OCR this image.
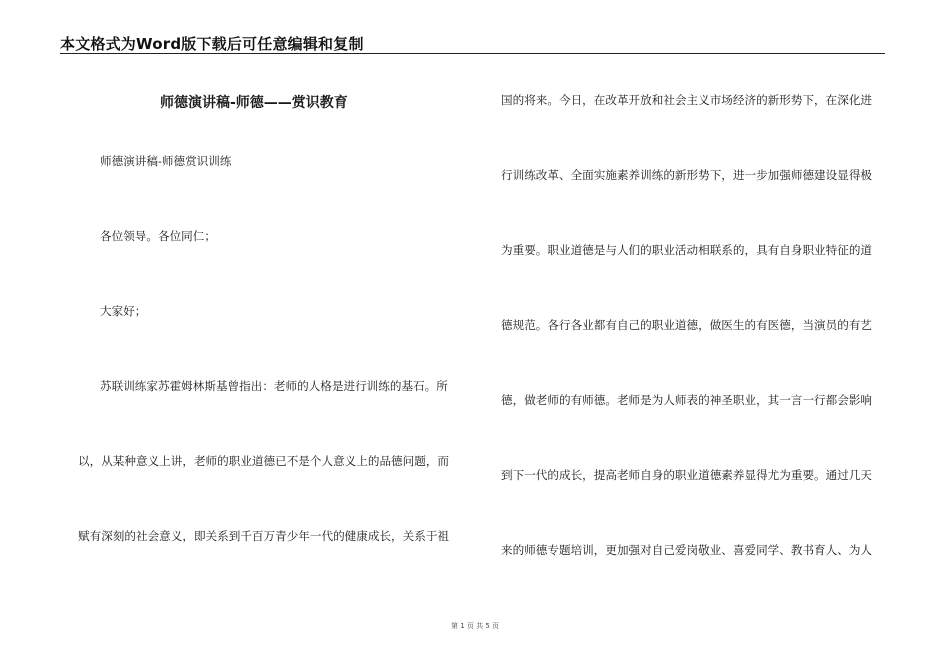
本文格式为Word版下载后可任意编辑和复制
师德演讲稿-师德——赏识教育
师德演讲稿-师德赏识训练
各位领导。各位同仁；
大家好；
苏联训练家苏霍姆林斯基曾指出：老师的人格是进行训练的基石。所
以，从某种意义上讲，老师的职业道德已不是个人意义上的品德问题，而
赋有深刻的社会意义，即关系到千百万青少年一代的健康成长，关系于祖
国的将来。今日，在改革开放和社会主义市场经济的新形势下，在深化进
行训练改革、全面实施素养训练的新形势下，进一步加强师德建设显得极
为重要。职业道德是与人们的职业活动相联系的，具有自身职业特征的道
德规范。各行各业都有自己的职业道德，做医生的有医德，当演员的有艺
德，做老师的有师德。老师是为人师表的神圣职业，其一言一行都会影响
到下一代的成长，提高老师自身的职业道德素养显得尤为重要。通过几天
来的师德专题培训，更加强对自己爱岗敬业、喜爱同学、教书育人、为人
第 1 页 共 5 页
